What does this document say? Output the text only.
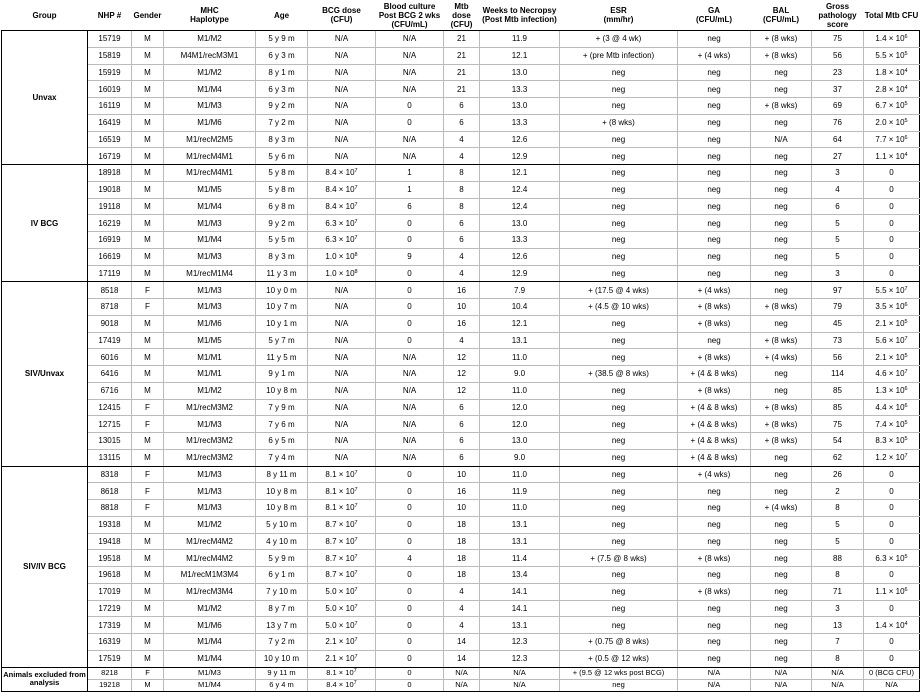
Group	NHP #	Gender	MHC Haplotype	Age	BCG dose (CFU)	Blood culture Post BCG 2 wks (CFU/mL)	Mtb dose (CFU)	Weeks to Necropsy (Post Mtb infection)	ESR (mm/hr)	GA (CFU/mL)	BAL (CFU/mL)	Gross pathology score	Total Mtb CFU
Unvax	15719	M	M1/M2	5 y 9 m	N/A	N/A	21	11.9	+ (3 @ 4 wk)	neg	+ (8 wks)	75	$1.4 \times 10^6$
	15819	M	M4M1/recM3M1	6 y 3 m	N/A	N/A	21	12.1	+ (pre Mtb infection)	+ (4 wks)	+ (8 wks)	56	$5.5 \times 10^5$
	15919	M	M1/M2	8 y 1 m	N/A	N/A	21	13.0	neg	neg	neg	23	$1.8 \times 10^4$
	16019	M	M1/M4	6 y 3 m	N/A	N/A	21	13.3	neg	neg	neg	37	$2.8 \times 10^4$
	16119	M	M1/M3	9 y 2 m	N/A	0	6	13.0	neg	neg	+ (8 wks)	69	$6.7 \times 10^5$
	16419	M	M1/M6	7 y 2 m	N/A	0	6	13.3	+ (8 wks)	neg	neg	76	$2.0 \times 10^5$
	16519	M	M1/recM2M5	8 y 3 m	N/A	N/A	4	12.6	neg	neg	N/A	64	$7.7 \times 10^6$
	16719	M	M1/recM4M1	5 y 6 m	N/A	N/A	4	12.9	neg	neg	neg	27	$1.1 \times 10^4$
IV BCG	18918	M	M1/recM4M1	5 y 8 m	$8.4 \times 10^7$	1	8	12.1	neg	neg	neg	3	0
	19018	M	M1/M5	5 y 8 m	$8.4 \times 10^7$	1	8	12.4	neg	neg	neg	4	0
	19118	M	M1/M4	6 y 8 m	$8.4 \times 10^7$	6	8	12.4	neg	neg	neg	6	0
	16219	M	M1/M3	9 y 2 m	$6.3 \times 10^7$	0	6	13.0	neg	neg	neg	5	0
	16919	M	M1/M4	5 y 5 m	$6.3 \times 10^7$	0	6	13.3	neg	neg	neg	5	0
	16619	M	M1/M3	8 y 3 m	$1.0 \times 10^8$	9	4	12.6	neg	neg	neg	5	0
	17119	M	M1/recM1M4	11 y 3 m	$1.0 \times 10^8$	0	4	12.9	neg	neg	neg	3	0
SIV/Unvax	8518	F	M1/M3	10 y 0 m	N/A	0	16	7.9	+ (17.5 @ 4 wks)	+ (4 wks)	neg	97	$5.5 \times 10^7$
	8718	F	M1/M3	10 y 7 m	N/A	0	10	10.4	+ (4.5 @ 10 wks)	+ (8 wks)	+ (8 wks)	79	$3.5 \times 10^6$
	9018	M	M1/M6	10 y 1 m	N/A	0	16	12.1	neg	+ (8 wks)	neg	45	$2.1 \times 10^5$
	17419	M	M1/M5	5 y 7 m	N/A	0	4	13.1	neg	neg	+ (8 wks)	73	$5.6 \times 10^7$
	6016	M	M1/M1	11 y 5 m	N/A	N/A	12	11.0	neg	+ (8 wks)	+ (4 wks)	56	$2.1 \times 10^5$
	6416	M	M1/M1	9 y 1 m	N/A	N/A	12	9.0	+ (38.5 @ 8 wks)	+ (4 & 8 wks)	neg	114	$4.6 \times 10^7$
	6716	M	M1/M2	10 y 8 m	N/A	N/A	12	11.0	neg	+ (8 wks)	neg	85	$1.3 \times 10^6$
	12415	F	M1/recM3M2	7 y 9 m	N/A	N/A	6	12.0	neg	+ (4 & 8 wks)	+ (8 wks)	85	$4.4 \times 10^6$
	12715	F	M1/M3	7 y 6 m	N/A	N/A	6	12.0	neg	+ (4 & 8 wks)	+ (8 wks)	75	$7.4 \times 10^5$
	13015	M	M1/recM3M2	6 y 5 m	N/A	N/A	6	13.0	neg	+ (4 & 8 wks)	+ (8 wks)	54	$8.3 \times 10^5$
	13115	M	M1/recM3M2	7 y 4 m	N/A	N/A	6	9.0	neg	+ (4 & 8 wks)	neg	62	$1.2 \times 10^7$
SIV/IV BCG	8318	F	M1/M3	8 y 11 m	$8.1 \times 10^7$	0	10	11.0	neg	+ (4 wks)	neg	26	0
	8618	F	M1/M3	10 y 8 m	$8.1 \times 10^7$	0	16	11.9	neg	neg	neg	2	0
	8818	F	M1/M3	10 y 8 m	$8.1 \times 10^7$	0	10	11.0	neg	neg	+ (4 wks)	8	0
	19318	M	M1/M2	5 y 10 m	$8.7 \times 10^7$	0	18	13.1	neg	neg	neg	5	0
	19418	M	M1/recM4M2	4 y 10 m	$8.7 \times 10^7$	0	18	13.1	neg	neg	neg	5	0
	19518	M	M1/recM4M2	5 y 9 m	$8.7 \times 10^7$	4	18	11.4	+ (7.5 @ 8 wks)	+ (8 wks)	neg	88	$6.3 \times 10^5$
	19618	M	M1/recM1M3M4	6 y 1 m	$8.7 \times 10^7$	0	18	13.4	neg	neg	neg	8	0
	17019	M	M1/recM3M4	7 y 10 m	$5.0 \times 10^7$	0	4	14.1	neg	+ (8 wks)	neg	71	$1.1 \times 10^6$
	17219	M	M1/M2	8 y 7 m	$5.0 \times 10^7$	0	4	14.1	neg	neg	neg	3	0
	17319	M	M1/M6	13 y 7 m	$5.0 \times 10^7$	0	4	13.1	neg	neg	neg	13	$1.4 \times 10^4$
	16319	M	M1/M4	7 y 2 m	$2.1 \times 10^7$	0	14	12.3	+ (0.75 @ 8 wks)	neg	neg	7	0
	17519	M	M1/M4	10 y 10 m	$2.1 \times 10^7$	0	14	12.3	+ (0.5 @ 12 wks)	neg	neg	8	0
Animals excluded from analysis	8218	F	M1/M3	9 y 11 m	$8.1 \times 10^7$	0	N/A	N/A	+ (9.5 @ 12 wks post BCG)	N/A	N/A	N/A	0 (BCG CFU)
	19218	M	M1/M4	6 y 4 m	$8.4 \times 10^7$	0	N/A	N/A	neg	N/A	N/A	N/A	N/A
